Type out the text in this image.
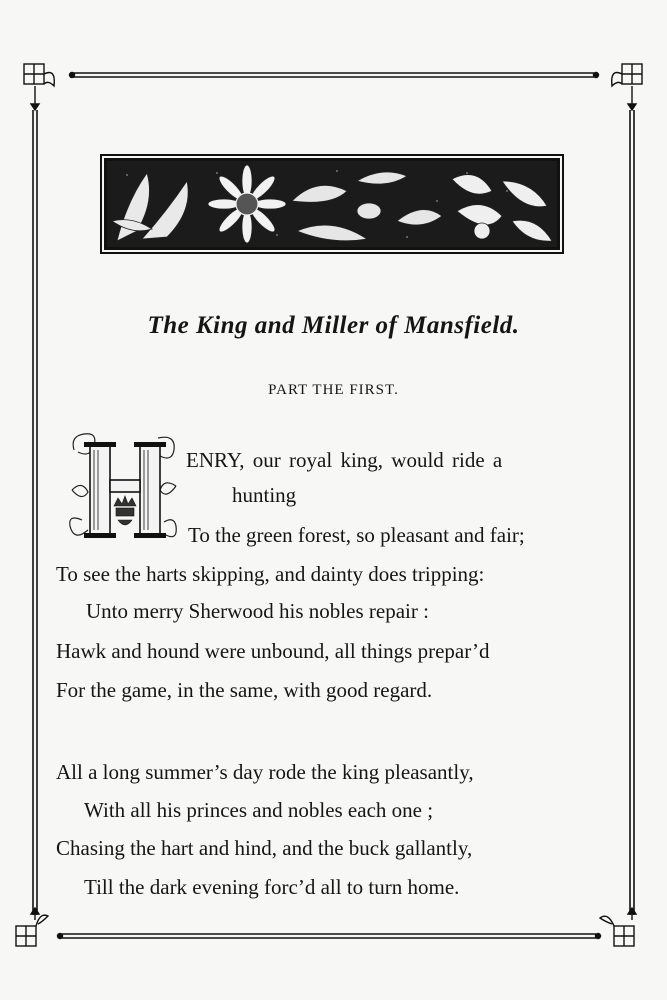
The King and Miller of Mansfield.
PART THE FIRST.
ENRY, our royal king, would ride a
hunting
To the green forest, so pleasant and fair;
To see the harts skipping, and dainty does tripping:
Unto merry Sherwood his nobles repair :
Hawk and hound were unbound, all things prepar’d
For the game, in the same, with good regard.
All a long summer’s day rode the king pleasantly,
With all his princes and nobles each one ;
Chasing the hart and hind, and the buck gallantly,
Till the dark evening forc’d all to turn home.
